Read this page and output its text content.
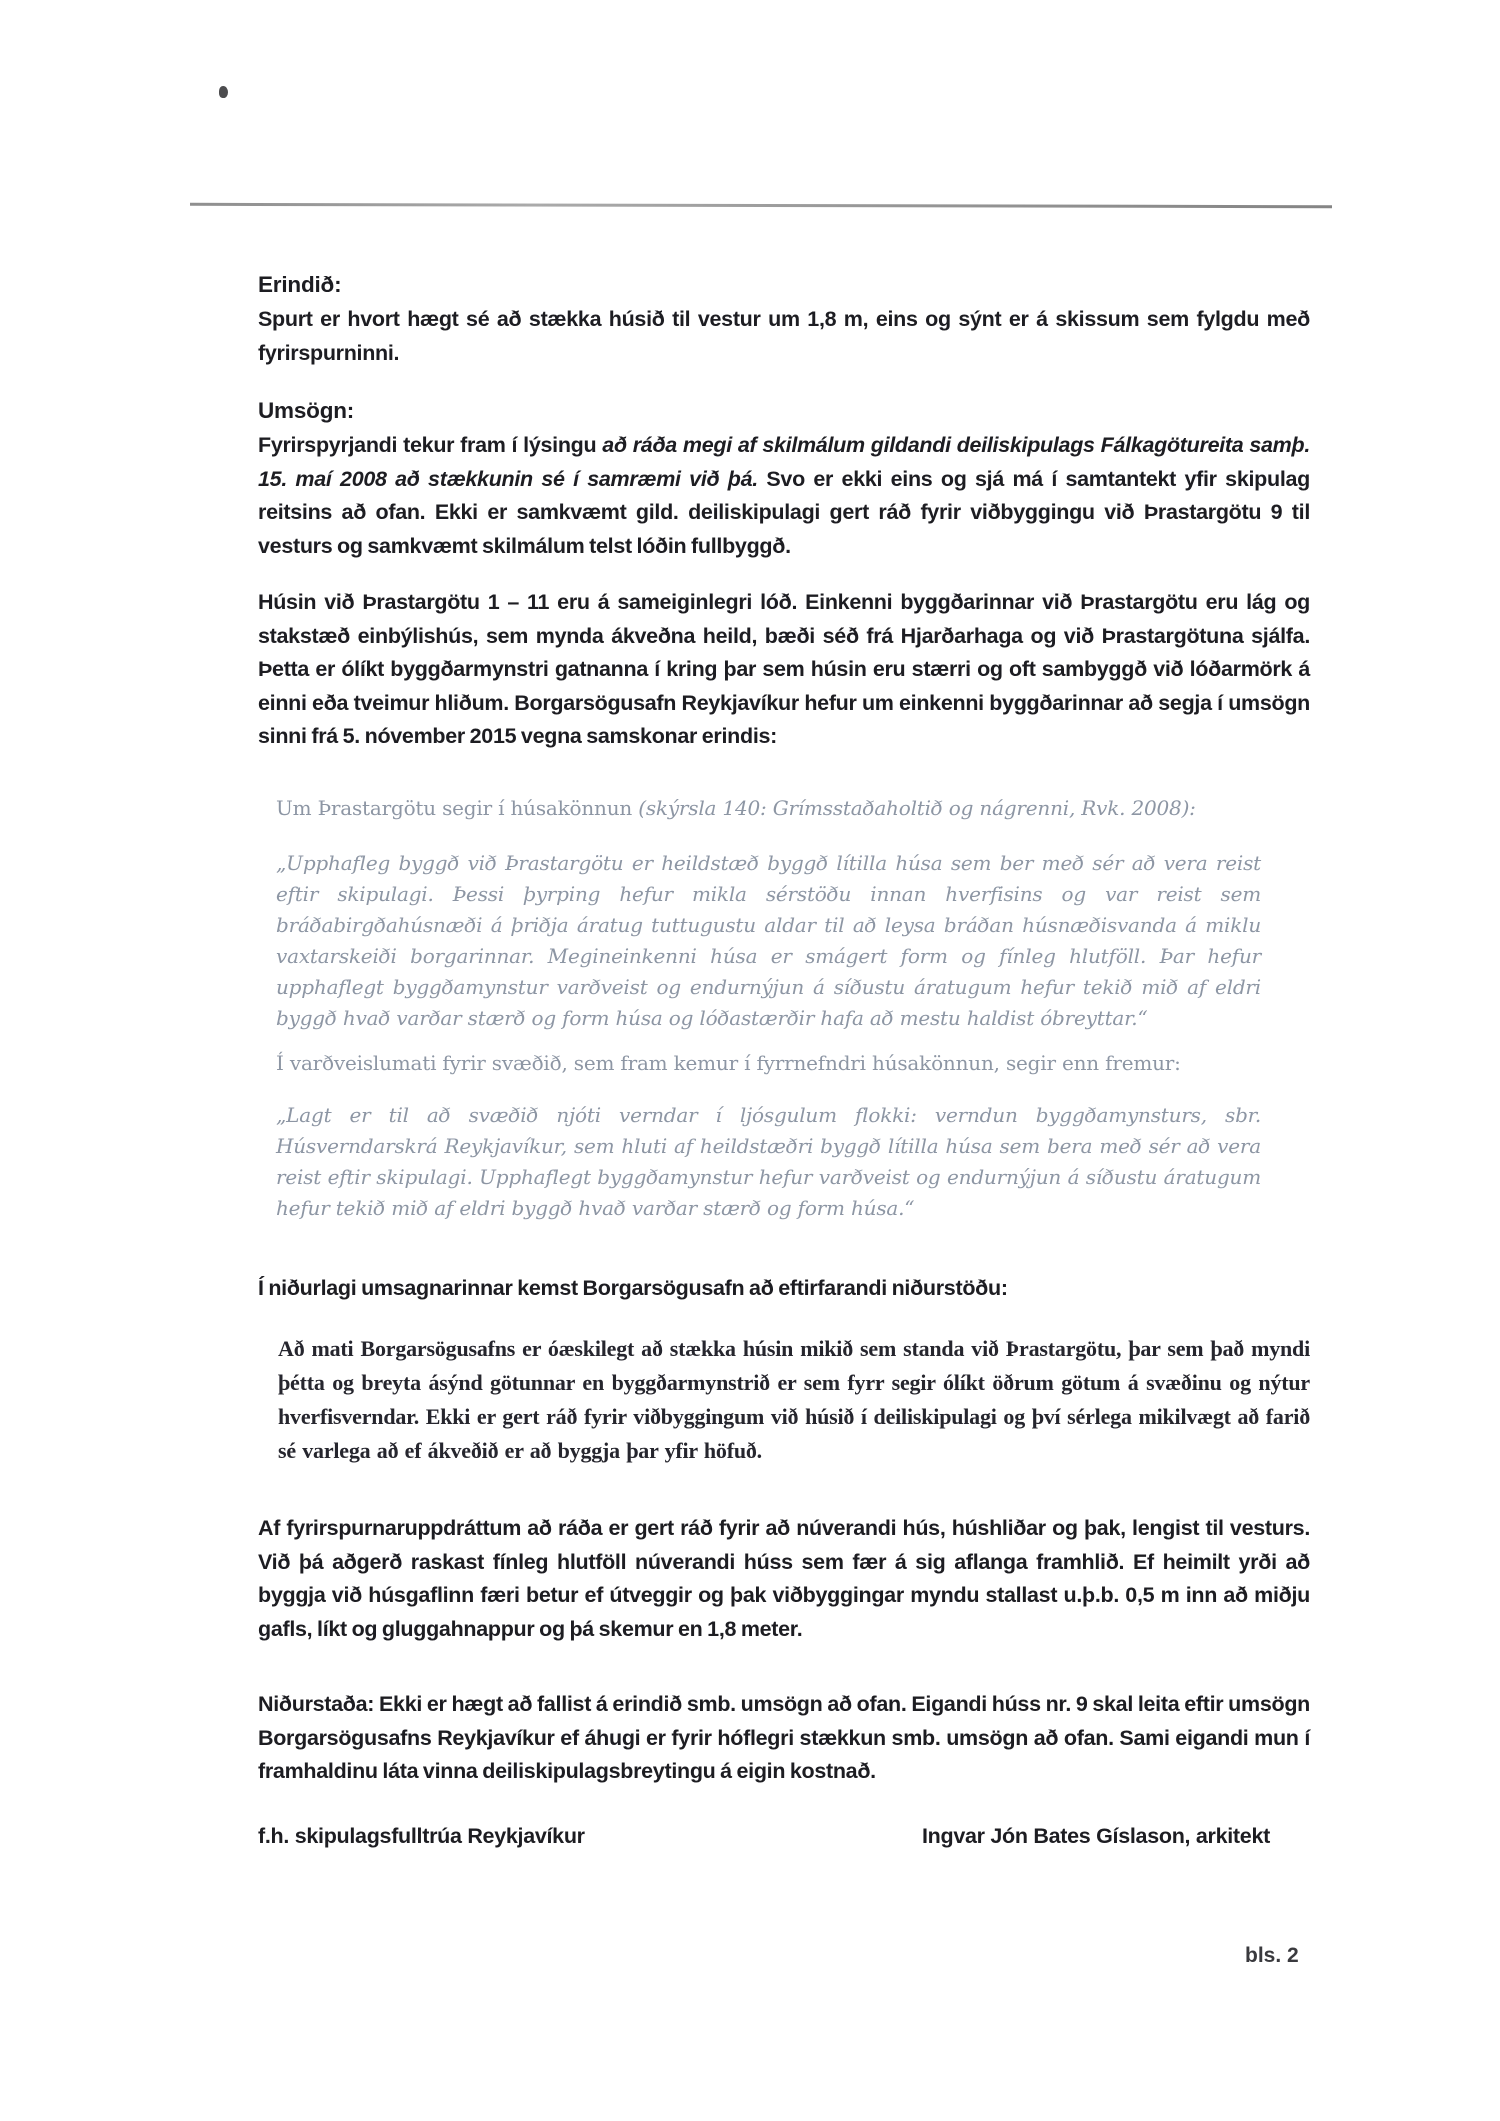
Erindið:
Spurt er hvort hægt sé að stækka húsið til vestur um 1,8 m, eins og sýnt er á skissum sem fylgdu með fyrirspurninni.
Umsögn:
Fyrirspyrjandi tekur fram í lýsingu að ráða megi af skilmálum gildandi deiliskipulags Fálkagötureita samþ. 15. maí 2008 að stækkunin sé í samræmi við þá. Svo er ekki eins og sjá má í samtantekt yfir skipulag reitsins að ofan. Ekki er samkvæmt gild. deiliskipulagi gert ráð fyrir viðbyggingu við Þrastargötu 9 til vesturs og samkvæmt skilmálum telst lóðin fullbyggð.
Húsin við Þrastargötu 1 – 11 eru á sameiginlegri lóð. Einkenni byggðarinnar við Þrastargötu eru lág og stakstæð einbýlishús, sem mynda ákveðna heild, bæði séð frá Hjarðarhaga og við Þrastargötuna sjálfa. Þetta er ólíkt byggðarmynstri gatnanna í kring þar sem húsin eru stærri og oft sambyggð við lóðarmörk á einni eða tveimur hliðum. Borgarsögusafn Reykjavíkur hefur um einkenni byggðarinnar að segja í umsögn sinni frá 5. nóvember 2015 vegna samskonar erindis:
Um Þrastargötu segir í húsakönnun (skýrsla 140: Grímsstaðaholtið og nágrenni, Rvk. 2008):
„Upphafleg byggð við Þrastargötu er heildstæð byggð lítilla húsa sem ber með sér að vera reist eftir skipulagi. Þessi þyrping hefur mikla sérstöðu innan hverfisins og var reist sem bráðabirgðahúsnæði á þriðja áratug tuttugustu aldar til að leysa bráðan húsnæðisvanda á miklu vaxtarskeiði borgarinnar. Megineinkenni húsa er smágert form og fínleg hlutföll. Þar hefur upphaflegt byggðamynstur varðveist og endurnýjun á síðustu áratugum hefur tekið mið af eldri byggð hvað varðar stærð og form húsa og lóðastærðir hafa að mestu haldist óbreyttar.“
Í varðveislumati fyrir svæðið, sem fram kemur í fyrrnefndri húsakönnun, segir enn fremur:
„Lagt er til að svæðið njóti verndar í ljósgulum flokki: verndun byggðamynsturs, sbr. Húsverndarskrá Reykjavíkur, sem hluti af heildstæðri byggð lítilla húsa sem bera með sér að vera reist eftir skipulagi. Upphaflegt byggðamynstur hefur varðveist og endurnýjun á síðustu áratugum hefur tekið mið af eldri byggð hvað varðar stærð og form húsa.“
Í niðurlagi umsagnarinnar kemst Borgarsögusafn að eftirfarandi niðurstöðu:
Að mati Borgarsögusafns er óæskilegt að stækka húsin mikið sem standa við Þrastargötu, þar sem það myndi þétta og breyta ásýnd götunnar en byggðarmynstrið er sem fyrr segir ólíkt öðrum götum á svæðinu og nýtur hverfisverndar. Ekki er gert ráð fyrir viðbyggingum við húsið í deiliskipulagi og því sérlega mikilvægt að farið sé varlega að ef ákveðið er að byggja þar yfir höfuð.
Af fyrirspurnaruppdráttum að ráða er gert ráð fyrir að núverandi hús, húshliðar og þak, lengist til vesturs. Við þá aðgerð raskast fínleg hlutföll núverandi húss sem fær á sig aflanga framhlið. Ef heimilt yrði að byggja við húsgaflinn færi betur ef útveggir og þak viðbyggingar myndu stallast u.þ.b. 0,5 m inn að miðju gafls, líkt og gluggahnappur og þá skemur en 1,8 meter.
Niðurstaða: Ekki er hægt að fallist á erindið smb. umsögn að ofan. Eigandi húss nr. 9 skal leita eftir umsögn Borgarsögusafns Reykjavíkur ef áhugi er fyrir hóflegri stækkun smb. umsögn að ofan. Sami eigandi mun í framhaldinu láta vinna deiliskipulagsbreytingu á eigin kostnað.
f.h. skipulagsfulltrúa Reykjavíkur	Ingvar Jón Bates Gíslason, arkitekt
bls. 2
